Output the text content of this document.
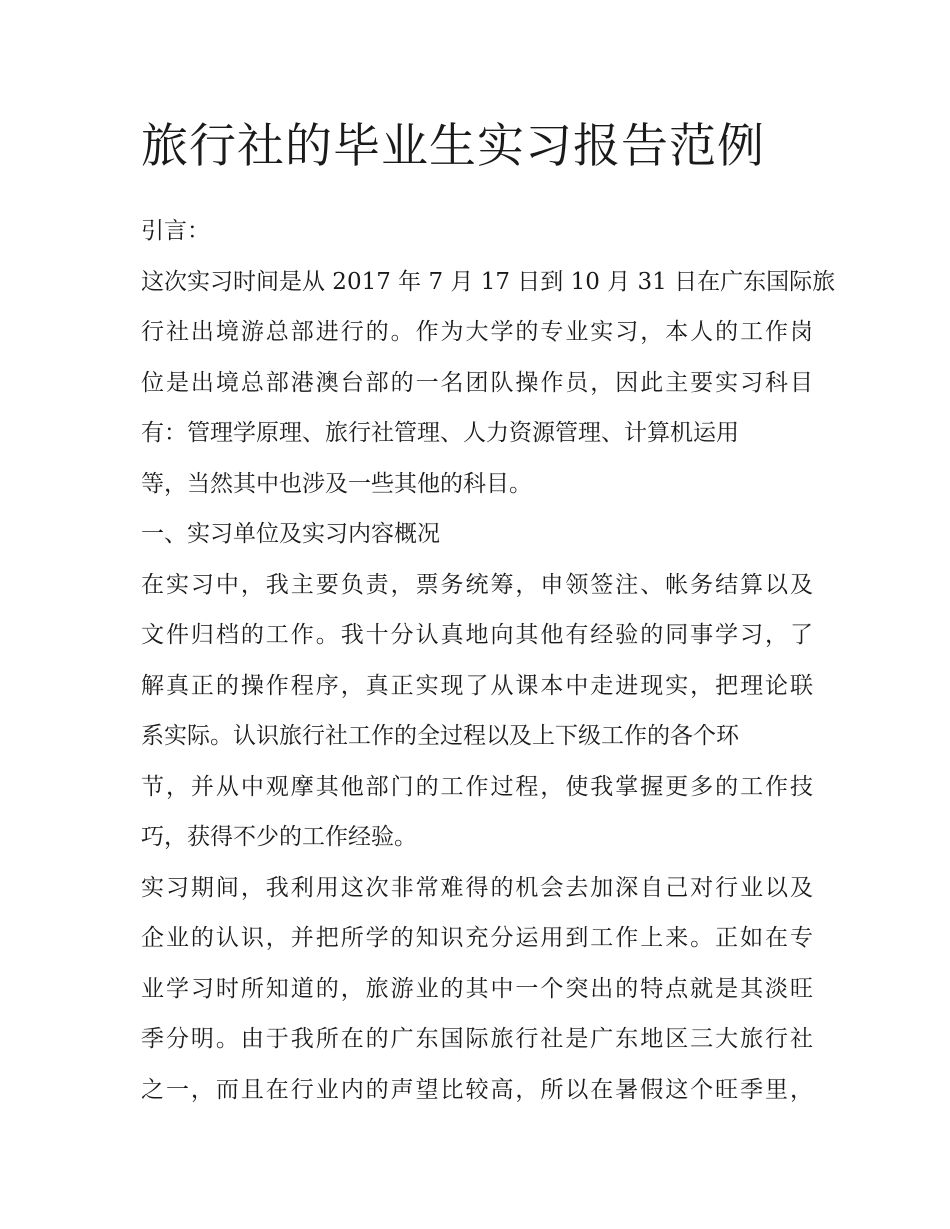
旅行社的毕业生实习报告范例

引言：

这次实习时间是从 2017 年 7 月 17 日到 10 月 31 日在广东国际旅

行社出境游总部进行的。作为大学的专业实习，本人的工作岗

位是出境总部港澳台部的一名团队操作员，因此主要实习科目

有：管理学原理、旅行社管理、人力资源管理、计算机运用

等，当然其中也涉及一些其他的科目。

一、实习单位及实习内容概况

在实习中，我主要负责，票务统筹，申领签注、帐务结算以及

文件归档的工作。我十分认真地向其他有经验的同事学习，了

解真正的操作程序，真正实现了从课本中走进现实，把理论联

系实际。认识旅行社工作的全过程以及上下级工作的各个环

节，并从中观摩其他部门的工作过程，使我掌握更多的工作技

巧，获得不少的工作经验。

实习期间，我利用这次非常难得的机会去加深自己对行业以及

企业的认识，并把所学的知识充分运用到工作上来。正如在专

业学习时所知道的，旅游业的其中一个突出的特点就是其淡旺

季分明。由于我所在的广东国际旅行社是广东地区三大旅行社

之一，而且在行业内的声望比较高，所以在暑假这个旺季里，
